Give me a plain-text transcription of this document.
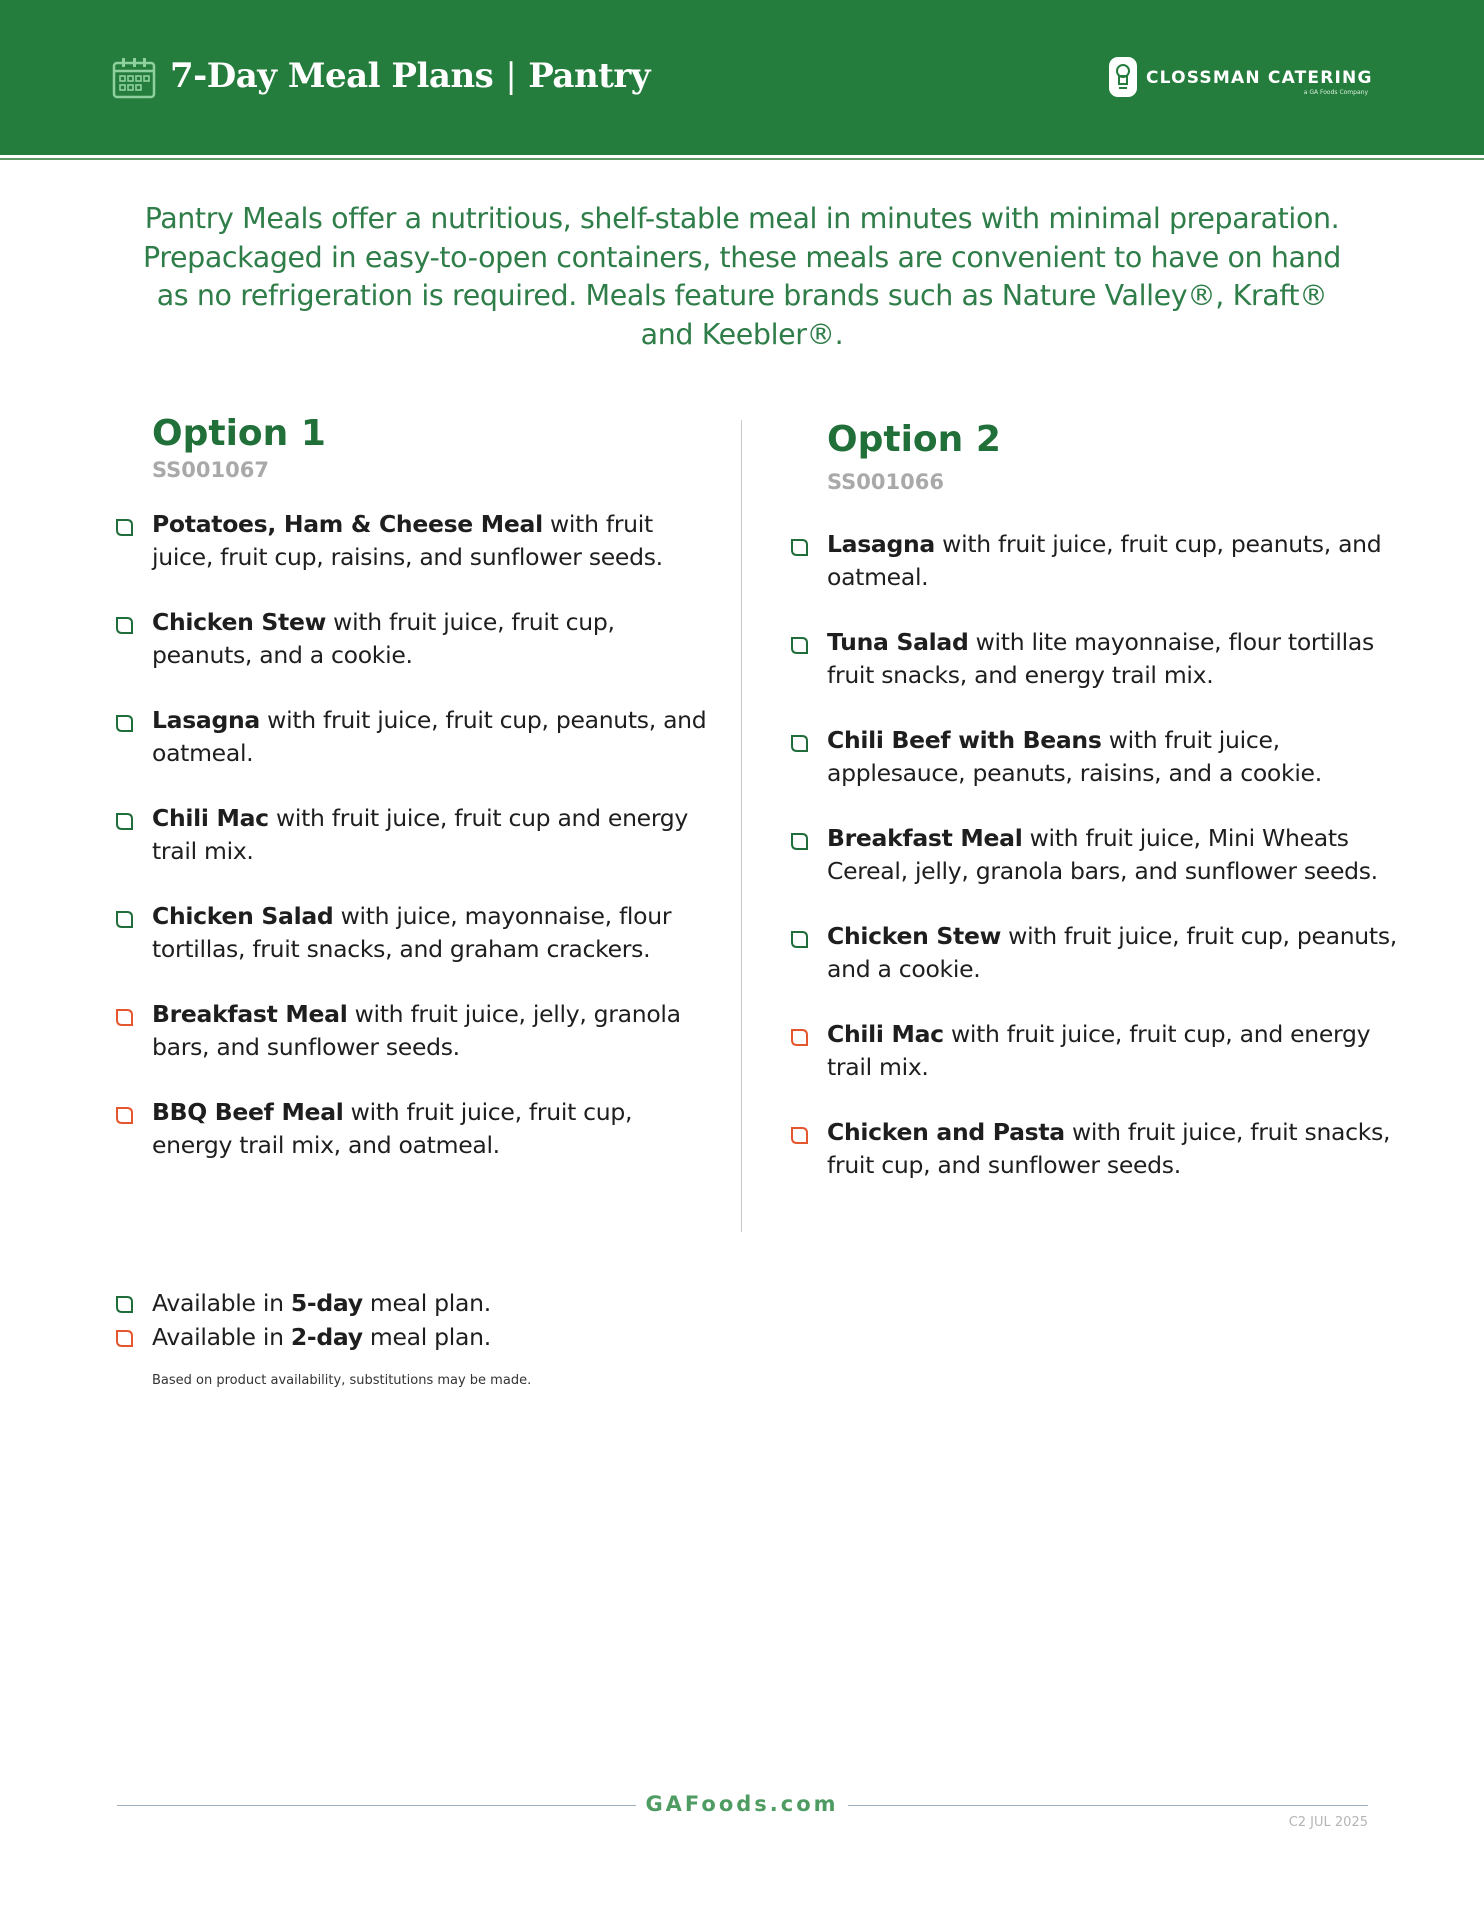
7-Day Meal Plans | Pantry	CLOSSMAN CATERING
a GA Foods Company
Pantry Meals offer a nutritious, shelf-stable meal in minutes with minimal preparation. Prepackaged in easy-to-open containers, these meals are convenient to have on hand as no refrigeration is required. Meals feature brands such as Nature Valley®, Kraft® and Keebler®.
Option 1
SS001067
Potatoes, Ham & Cheese Meal with fruit juice, fruit cup, raisins, and sunflower seeds.
Chicken Stew with fruit juice, fruit cup, peanuts, and a cookie.
Lasagna with fruit juice, fruit cup, peanuts, and oatmeal.
Chili Mac with fruit juice, fruit cup and energy trail mix.
Chicken Salad with juice, mayonnaise, flour tortillas, fruit snacks, and graham crackers.
Breakfast Meal with fruit juice, jelly, granola bars, and sunflower seeds.
BBQ Beef Meal with fruit juice, fruit cup, energy trail mix, and oatmeal.
Option 2
SS001066
Lasagna with fruit juice, fruit cup, peanuts, and oatmeal.
Tuna Salad with lite mayonnaise, flour tortillas fruit snacks, and energy trail mix.
Chili Beef with Beans with fruit juice, applesauce, peanuts, raisins, and a cookie.
Breakfast Meal with fruit juice, Mini Wheats Cereal, jelly, granola bars, and sunflower seeds.
Chicken Stew with fruit juice, fruit cup, peanuts, and a cookie.
Chili Mac with fruit juice, fruit cup, and energy trail mix.
Chicken and Pasta with fruit juice, fruit snacks, fruit cup, and sunflower seeds.
Available in 5-day meal plan.
Available in 2-day meal plan.
Based on product availability, substitutions may be made.
GAFoods.com
C2 JUL 2025
